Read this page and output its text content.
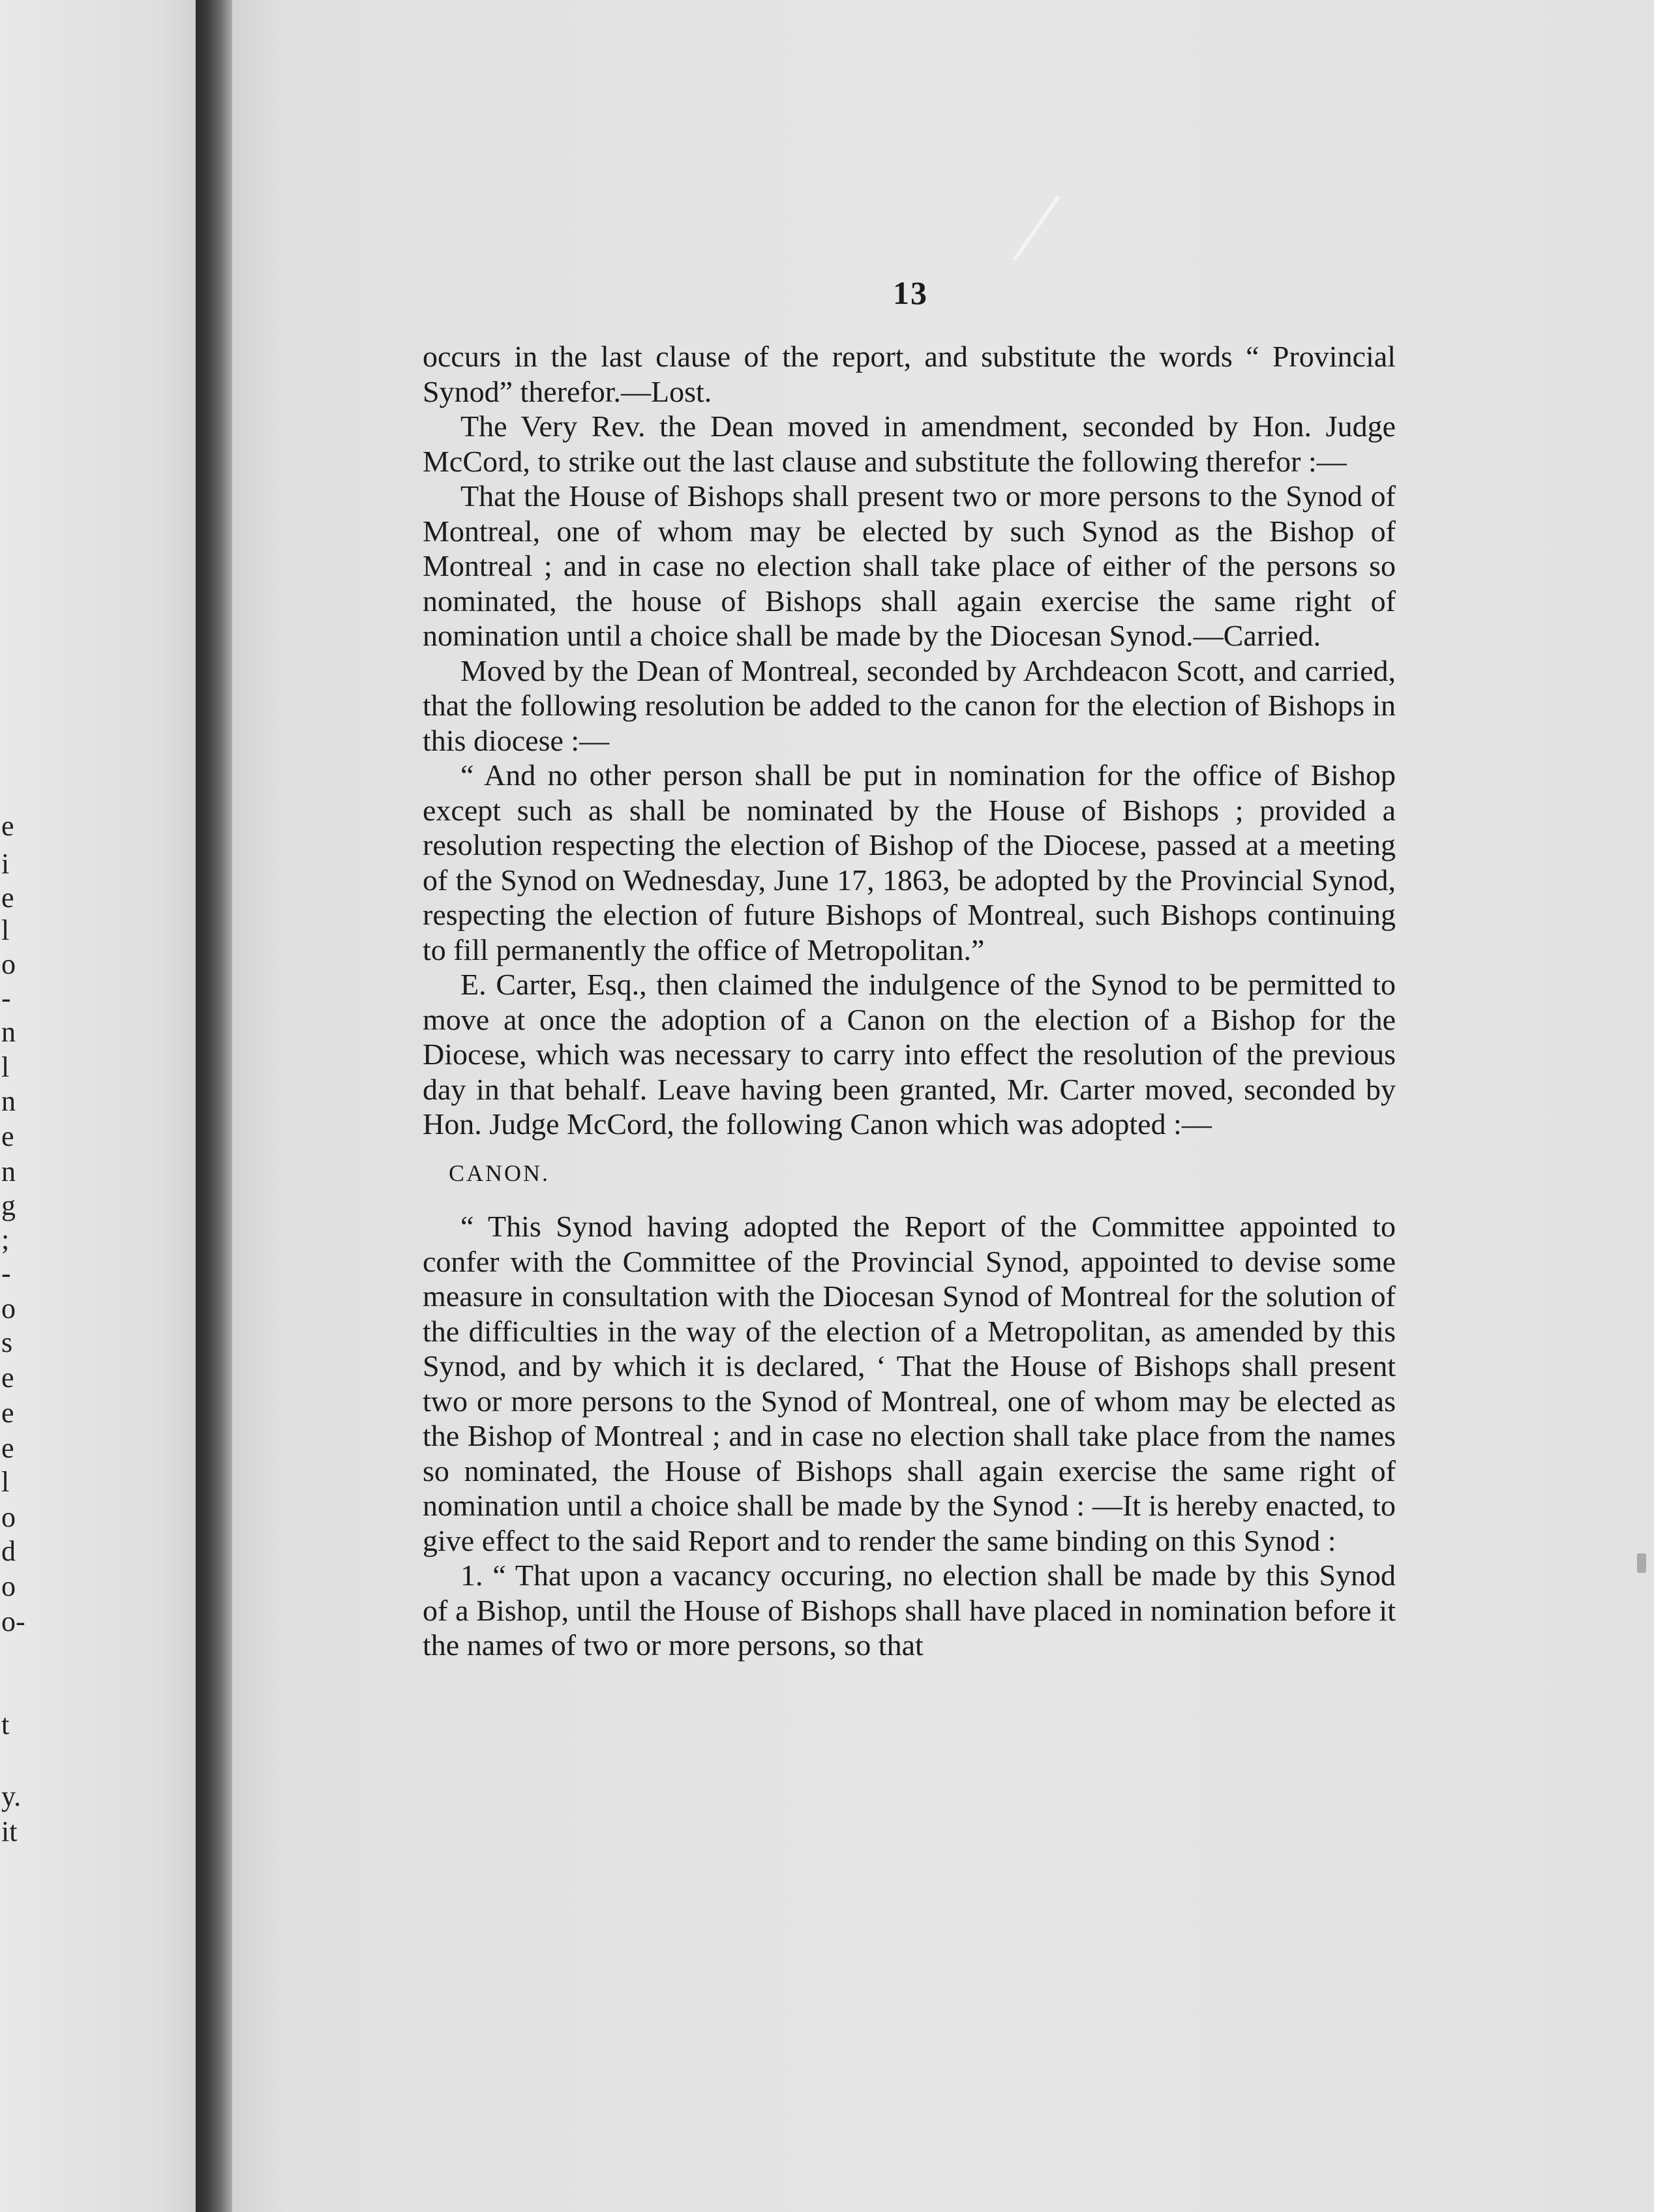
e
i
e
l
o
-
n
l
n
e
n
g
;
-
o
s
e
e
e
l
o
d
o
o-
t
y.
it
13

occurs in the last clause of the report, and substitute the words “ Provincial Synod” therefor.—Lost.

The Very Rev. the Dean moved in amendment, seconded by Hon. Judge McCord, to strike out the last clause and substitute the following therefor :—

That the House of Bishops shall present two or more persons to the Synod of Montreal, one of whom may be elected by such Synod as the Bishop of Montreal ; and in case no election shall take place of either of the persons so nominated, the house of Bishops shall again exercise the same right of nomination until a choice shall be made by the Diocesan Synod.—Carried.

Moved by the Dean of Montreal, seconded by Archdeacon Scott, and carried, that the following resolution be added to the canon for the election of Bishops in this diocese :—

“ And no other person shall be put in nomination for the office of Bishop except such as shall be nominated by the House of Bishops ; provided a resolution respecting the election of Bishop of the Diocese, passed at a meeting of the Synod on Wednesday, June 17, 1863, be adopted by the Provincial Synod, respecting the election of future Bishops of Montreal, such Bishops continuing to fill permanently the office of Metropolitan.”

E. Carter, Esq., then claimed the indulgence of the Synod to be permitted to move at once the adoption of a Canon on the election of a Bishop for the Diocese, which was necessary to carry into effect the resolution of the previous day in that behalf. Leave having been granted, Mr. Carter moved, seconded by Hon. Judge McCord, the following Canon which was adopted :—

CANON.

“ This Synod having adopted the Report of the Committee appointed to confer with the Committee of the Provincial Synod, appointed to devise some measure in consultation with the Diocesan Synod of Montreal for the solution of the difficulties in the way of the election of a Metropolitan, as amended by this Synod, and by which it is declared, ‘ That the House of Bishops shall present two or more persons to the Synod of Montreal, one of whom may be elected as the Bishop of Montreal ; and in case no election shall take place from the names so nominated, the House of Bishops shall again exercise the same right of nomination until a choice shall be made by the Synod : —It is hereby enacted, to give effect to the said Report and to render the same binding on this Synod :

1. “ That upon a vacancy occuring, no election shall be made by this Synod of a Bishop, until the House of Bishops shall have placed in nomination before it the names of two or more persons, so that
